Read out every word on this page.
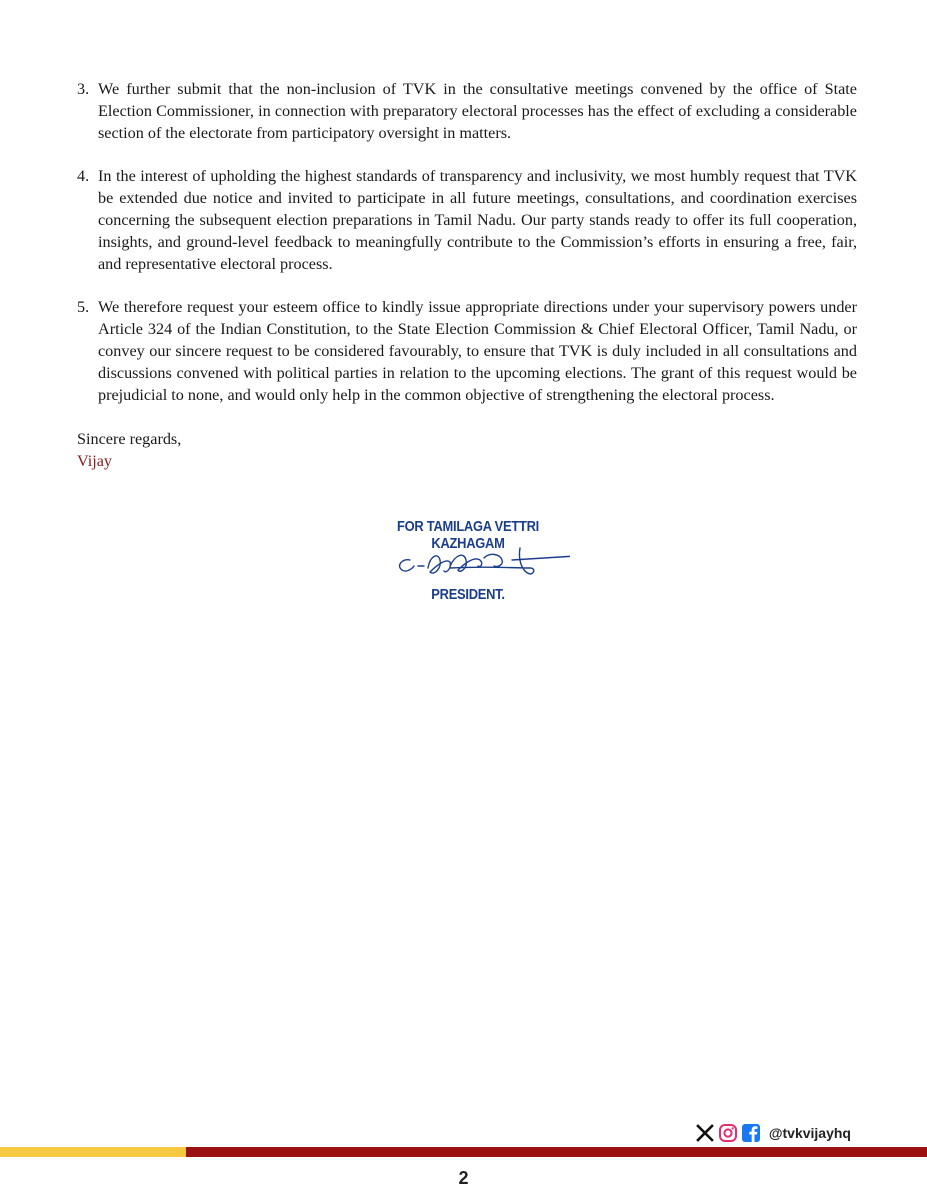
3. We further submit that the non-inclusion of TVK in the consultative meetings convened by the office of State Election Commissioner, in connection with preparatory electoral processes has the effect of excluding a considerable section of the electorate from participatory oversight in matters.
4. In the interest of upholding the highest standards of transparency and inclusivity, we most humbly request that TVK be extended due notice and invited to participate in all future meetings, consultations, and coordination exercises concerning the subsequent election preparations in Tamil Nadu. Our party stands ready to offer its full cooperation, insights, and ground-level feedback to meaningfully contribute to the Commission’s efforts in ensuring a free, fair, and representative electoral process.
5. We therefore request your esteem office to kindly issue appropriate directions under your supervisory powers under Article 324 of the Indian Constitution, to the State Election Commission & Chief Electoral Officer, Tamil Nadu, or convey our sincere request to be considered favourably, to ensure that TVK is duly included in all consultations and discussions convened with political parties in relation to the upcoming elections. The grant of this request would be prejudicial to none, and would only help in the common objective of strengthening the electoral process.
Sincere regards,
Vijay
FOR TAMILAGA VETTRI KAZHAGAM
PRESIDENT.
@tvkvijayhq
2
